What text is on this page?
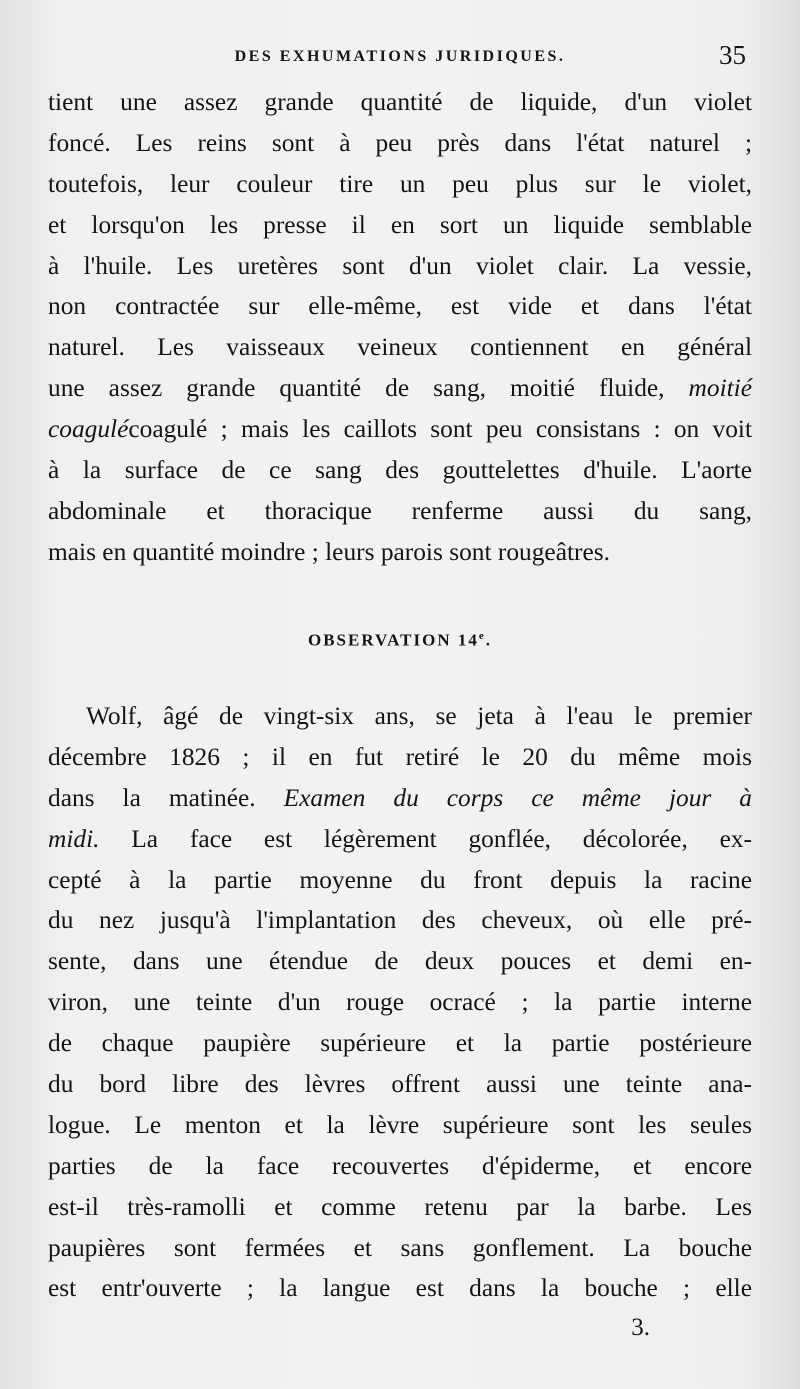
DES EXHUMATIONS JURIDIQUES.	35
tient une assez grande quantité de liquide, d'un violet
foncé. Les reins sont à peu près dans l'état naturel ;
toutefois, leur couleur tire un peu plus sur le violet,
et lorsqu'on les presse il en sort un liquide semblable
à l'huile. Les uretères sont d'un violet clair. La vessie,
non contractée sur elle-même, est vide et dans l'état
naturel. Les vaisseaux veineux contiennent en général
une assez grande quantité de sang, moitié fluide, moitié
coagulécoagulé ; mais les caillots sont peu consistans : on voit
à la surface de ce sang des gouttelettes d'huile. L'aorte
abdominale et thoracique renferme aussi du sang,
mais en quantité moindre ; leurs parois sont rougeâtres.
OBSERVATION 14e.
Wolf, âgé de vingt-six ans, se jeta à l'eau le premier
décembre 1826 ; il en fut retiré le 20 du même mois
dans la matinée. Examen du corps ce même jour à
midi. La face est légèrement gonflée, décolorée, ex-
cepté à la partie moyenne du front depuis la racine
du nez jusqu'à l'implantation des cheveux, où elle pré-
sente, dans une étendue de deux pouces et demi en-
viron, une teinte d'un rouge ocracé ; la partie interne
de chaque paupière supérieure et la partie postérieure
du bord libre des lèvres offrent aussi une teinte ana-
logue. Le menton et la lèvre supérieure sont les seules
parties de la face recouvertes d'épiderme, et encore
est-il très-ramolli et comme retenu par la barbe. Les
paupières sont fermées et sans gonflement. La bouche
est entr'ouverte ; la langue est dans la bouche ; elle
3.
